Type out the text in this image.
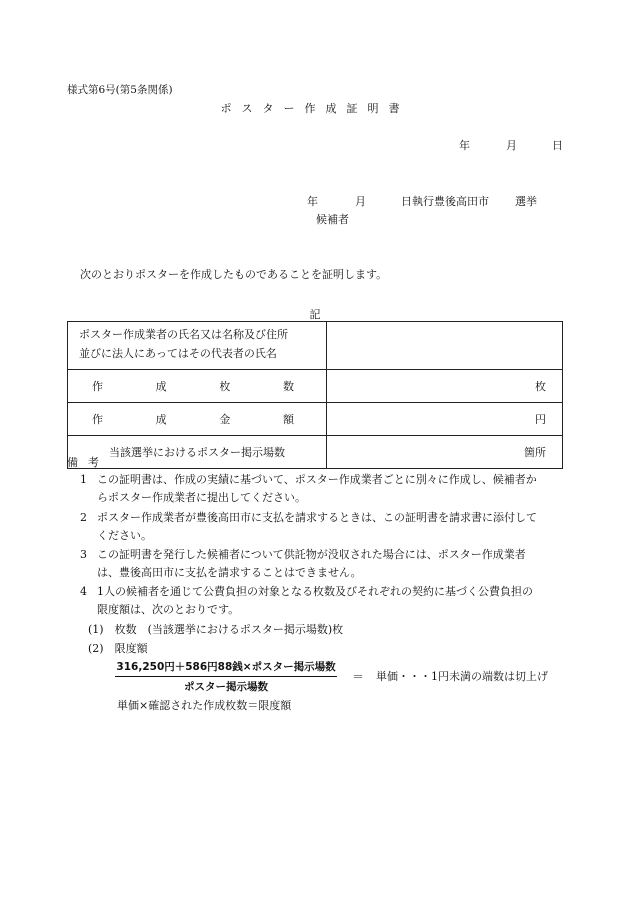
様式第6号(第5条関係)
ポスター作成証明書
年	月	日
年	月	日執行豊後高田市 選挙
候補者
次のとおりポスターを作成したものであることを証明します。
記
ポスター作成業者の氏名又は名称及び住所
並びに法人にあってはその代表者の氏名	

作 成 枚 数	枚

作 成 金 額	円
当該選挙におけるポスター掲示場数	箇所
備考
1 この証明書は、作成の実績に基づいて、ポスター作成業者ごとに別々に作成し、候補者か
らポスター作成業者に提出してください。
2 ポスター作成業者が豊後高田市に支払を請求するときは、この証明書を請求書に添付して
ください。
3 この証明書を発行した候補者について供託物が没収された場合には、ポスター作成業者
は、豊後高田市に支払を請求することはできません。
4 1人の候補者を通じて公費負担の対象となる枚数及びそれぞれの契約に基づく公費負担の
限度額は、次のとおりです。
(1)　枚数　(当該選挙におけるポスター掲示場数)枚
(2)　限度額
316,250円＋586円88銭×ポスター掲示場数
ポスター掲示場数
＝ 単価・・・1円未満の端数は切上げ
単価×確認された作成枚数＝限度額
